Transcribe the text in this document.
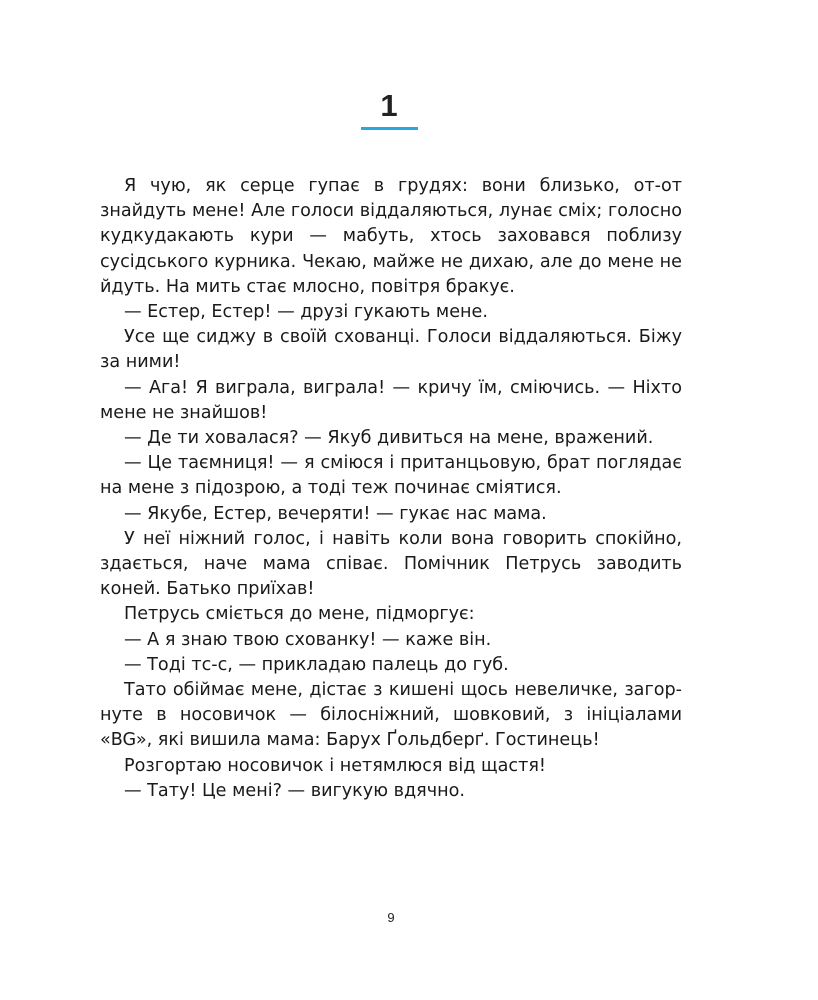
1

Я чую, як серце гупає в грудях: вони близько, от-от знайдуть мене! Але голоси віддаляються, лунає сміх; голосно кудкудакають кури — мабуть, хтось заховався поблизу сусідського курника. Чекаю, майже не дихаю, але до мене не йдуть. На мить стає млосно, повітря бракує.

— Естер, Естер! — друзі гукають мене.

Усе ще сиджу в своїй схованці. Голоси віддаляються. Біжу за ними!

— Ага! Я виграла, виграла! — кричу їм, сміючись. — Ніхто мене не знайшов!

— Де ти ховалася? — Якуб дивиться на мене, вражений.

— Це таємниця! — я сміюся і пританцьовую, брат поглядає на мене з підозрою, а тоді теж починає сміятися.

— Якубе, Естер, вечеряти! — гукає нас мама.

У неї ніжний голос, і навіть коли вона говорить спокійно, здається, наче мама співає. Помічник Петрусь заводить коней. Батько приїхав!

Петрусь сміється до мене, підморгує:

— А я знаю твою схованку! — каже він.

— Тоді тс-с, — прикладаю палець до губ.

Тато обіймає мене, дістає з кишені щось невеличке, загорнуте в носовичок — білосніжний, шовковий, з ініціалами «BG», які вишила мама: Барух Ґольдберґ. Гостинець!

Розгортаю носовичок і нетямлюся від щастя!

— Тату! Це мені? — вигукую вдячно.

9
